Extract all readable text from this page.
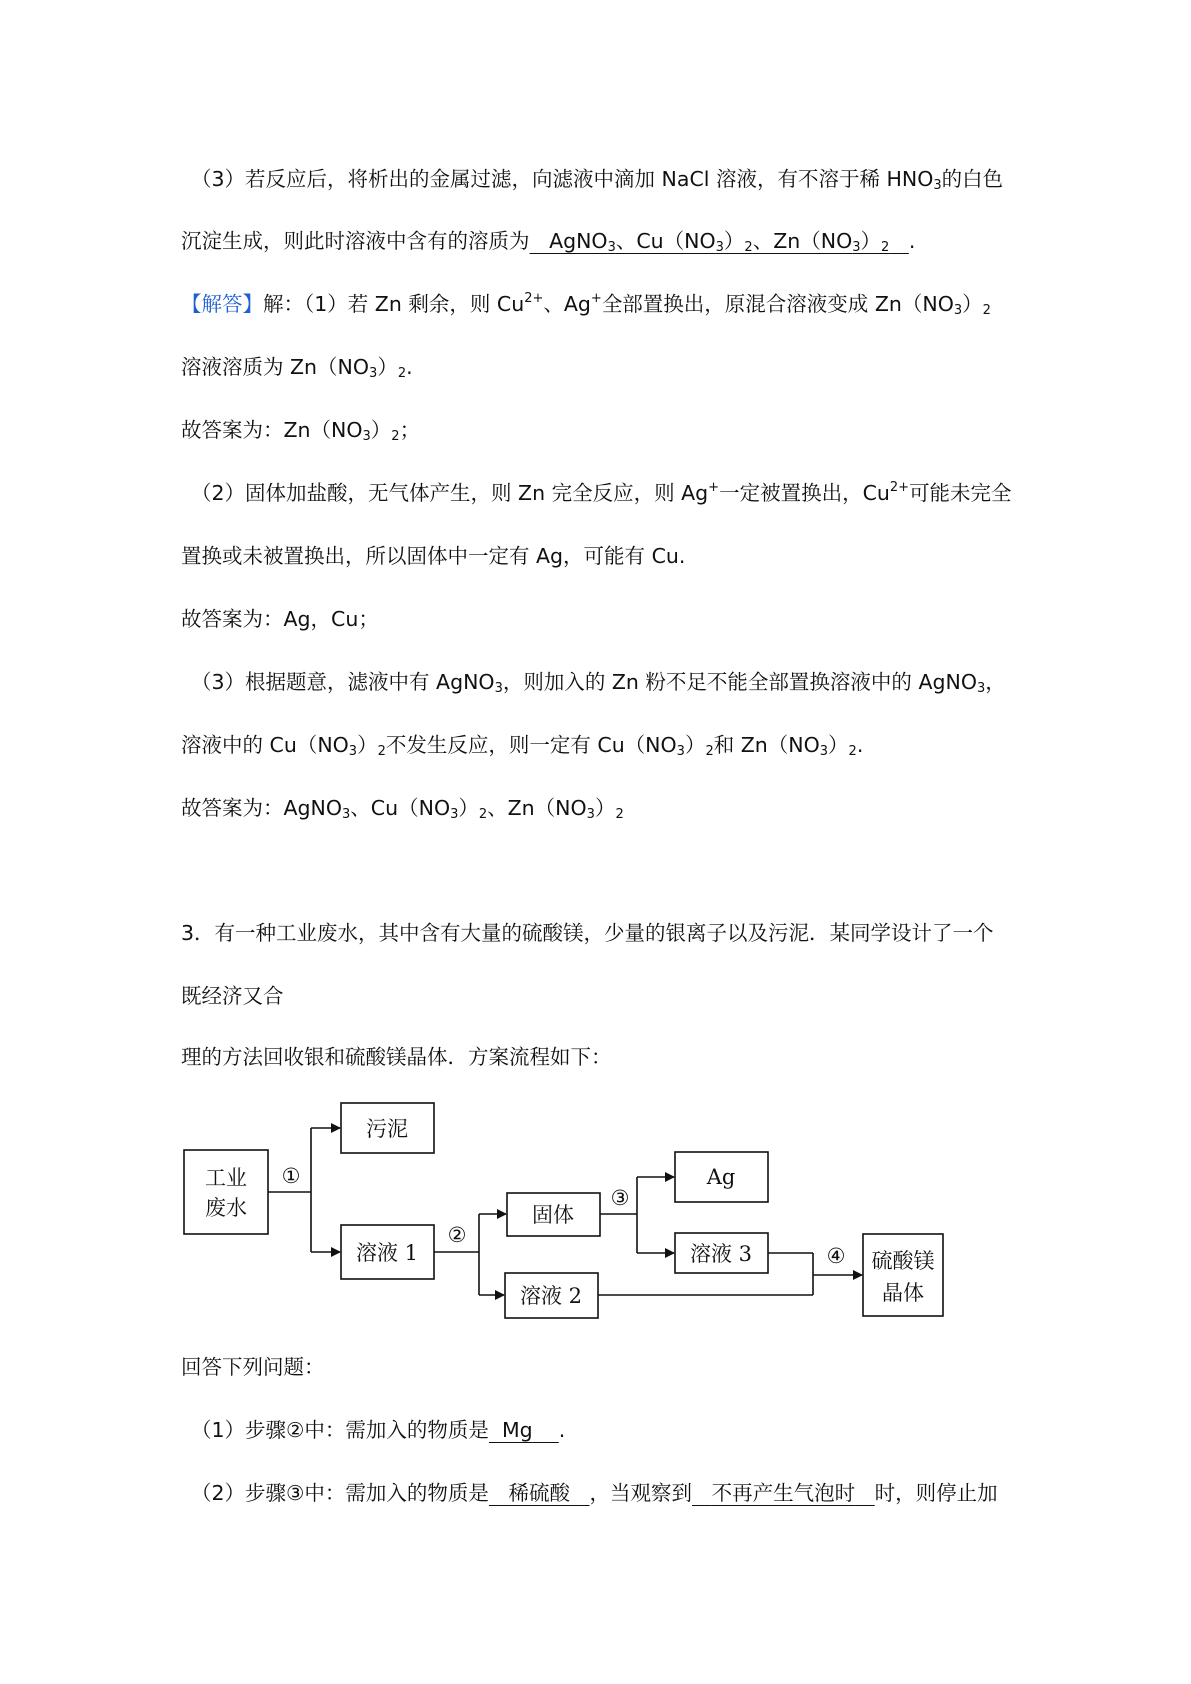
（3）若反应后，将析出的金属过滤，向滤液中滴加 NaCl 溶液，有不溶于稀 $HNO_3$的白色
沉淀生成，则此时溶液中含有的溶质为 AgNO$_3$、$Cu(NO_3)_2$、$Zn(NO_3)_2$ .
【解答】解：（1）若 Zn 剩余，则 $Cu^{2+}$、Ag+全部置换出，原混合溶液变成 $Zn(NO_3)_2$
溶液溶质为 $Zn(NO_3)_2$.
故答案为：$Zn(NO_3)_2$；
（2）固体加盐酸，无气体产生，则 Zn 完全反应，则 Ag+一定被置换出，$Cu^{2+}$可能未完全
置换或未被置换出，所以固体中一定有 Ag，可能有 Cu.
故答案为：Ag，Cu；
（3）根据题意，滤液中有 AgNO$_3$，则加入的 Zn 粉不足不能全部置换溶液中的 AgNO$_3$，
溶液中的 $Cu(NO_3)_2$不发生反应，则一定有 $Cu(NO_3)_2$和 $Zn(NO_3)_2$.
故答案为：AgNO$_3$、$Cu(NO_3)_2$、$Zn(NO_3)_2$
3．有一种工业废水，其中含有大量的硫酸镁，少量的银离子以及污泥．某同学设计了一个
既经济又合
理的方法回收银和硫酸镁晶体．方案流程如下：
工业
废水
污泥
溶液 1
固体
溶液 2
Ag
溶液 3	硫酸镁
晶体
①
②
③
④
回答下列问题：
（1）步骤②中：需加入的物质是 Mg .
（2）步骤③中：需加入的物质是 稀硫酸 ，当观察到 不再产生气泡时 时，则停止加
